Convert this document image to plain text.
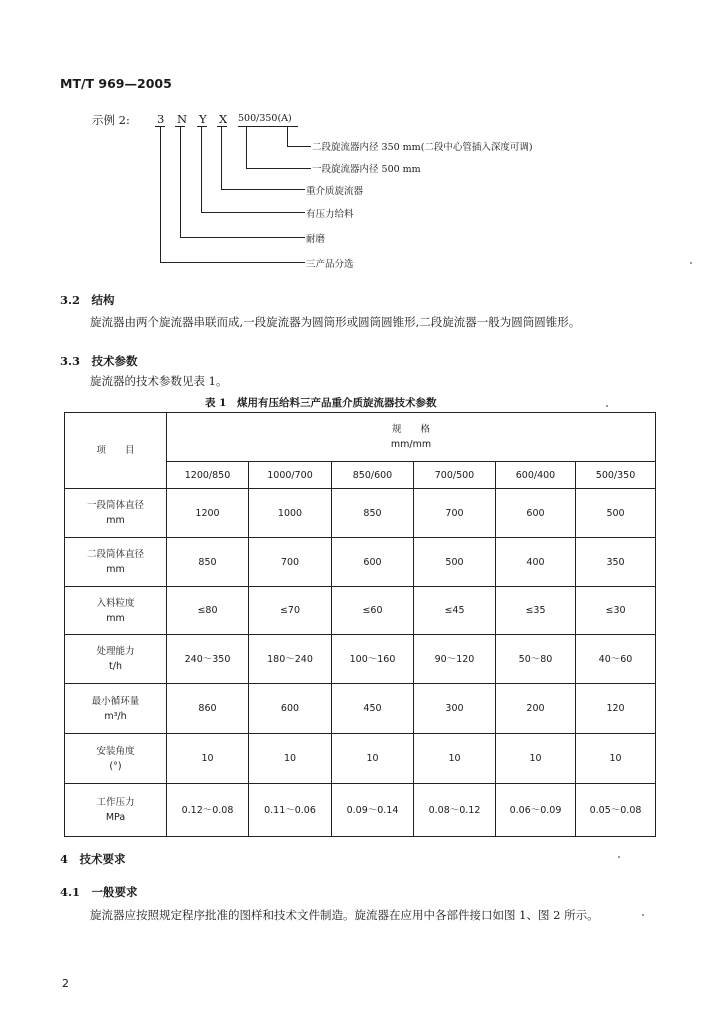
MT/T 969—2005
示例 2: 3 N Y X 500/350(A)
二段旋流器内径 350 mm(二段中心管插入深度可调)
一段旋流器内径 500 mm
重介质旋流器
有压力给料
耐磨
三产品分选
3.2　结构
旋流器由两个旋流器串联而成,一段旋流器为圆筒形或圆筒圆锥形,二段旋流器一般为圆筒圆锥形。
3.3　技术参数
旋流器的技术参数见表 1。
表 1　煤用有压给料三产品重介质旋流器技术参数
项　　目	规　　格
mm/mm					

	1200/850	1000/700	850/600	700/500	600/400	500/350

一段筒体直径
mm	1200	1000	850	700	600	500

二段筒体直径
mm	850	700	600	500	400	350

入料粒度
mm	≤80	≤70	≤60	≤45	≤35	≤30

处理能力
t/h	240～350	180～240	100～160	90～120	50～80	40～60

最小循环量
m³/h	860	600	450	300	200	120

安装角度
(°)	10	10	10	10	10	10

工作压力
MPa	0.12～0.08	0.11～0.06	0.09～0.14	0.08～0.12	0.06～0.09	0.05～0.08
4　技术要求
4.1　一般要求
旋流器应按照规定程序批准的图样和技术文件制造。旋流器在应用中各部件接口如图 1、图 2 所示。
2
